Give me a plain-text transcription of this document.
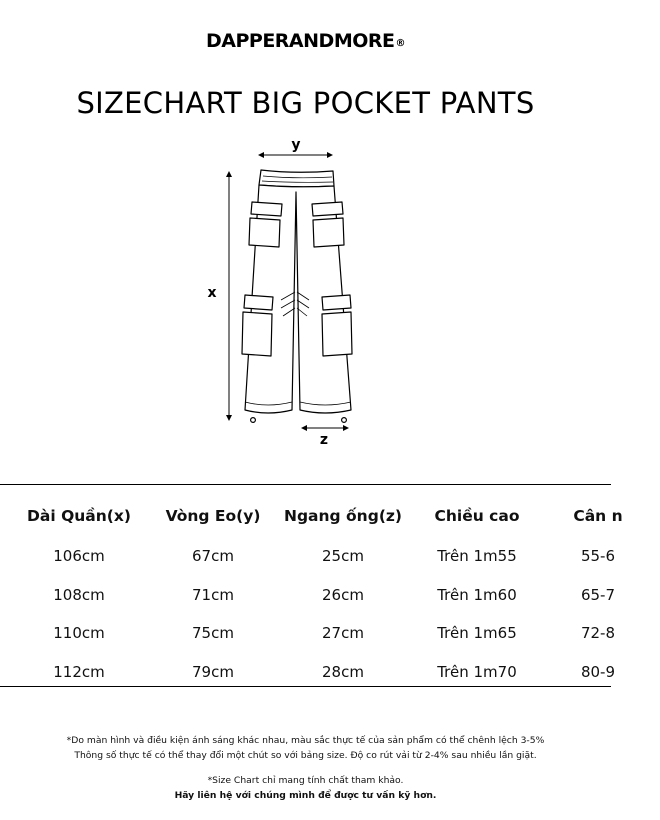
DAPPERANDMORE®
SIZECHART BIG POCKET PANTS
y
x
z
Dài Quần(x)	Vòng Eo(y)	Ngang ống(z)	Chiều cao	Cân n
106cm	67cm	25cm	Trên 1m55	55-6
108cm	71cm	26cm	Trên 1m60	65-7
110cm	75cm	27cm	Trên 1m65	72-8
112cm	79cm	28cm	Trên 1m70	80-9
*Do màn hình và điều kiện ánh sáng khác nhau, màu sắc thực tế của sản phẩm có thể chênh lệch 3-5%
Thông số thực tế có thể thay đổi một chút so với bảng size. Độ co rút vải từ 2-4% sau nhiều lần giặt.
*Size Chart chỉ mang tính chất tham khảo.
Hãy liên hệ với chúng mình để được tư vấn kỹ hơn.
